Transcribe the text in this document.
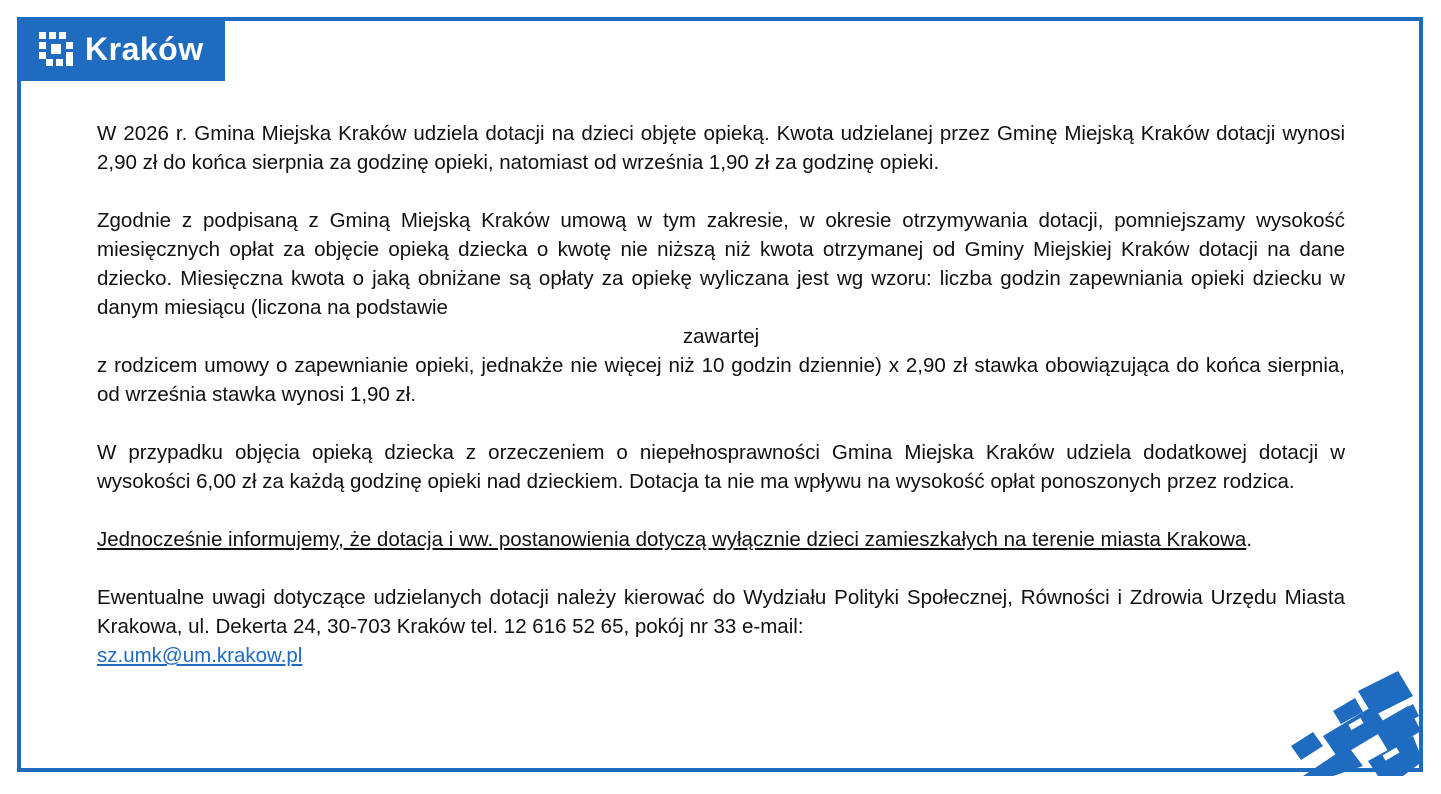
Kraków

W 2026 r. Gmina Miejska Kraków udziela dotacji na dzieci objęte opieką. Kwota udzielanej przez Gminę Miejską Kraków dotacji wynosi 2,90 zł do końca sierpnia za godzinę opieki, natomiast od września 1,90 zł za godzinę opieki.

Zgodnie z podpisaną z Gminą Miejską Kraków umową w tym zakresie, w okresie otrzymywania dotacji, pomniejszamy wysokość miesięcznych opłat za objęcie opieką dziecka o kwotę nie niższą niż kwota otrzymanej od Gminy Miejskiej Kraków dotacji na dane dziecko. Miesięczna kwota o jaką obniżane są opłaty za opiekę wyliczana jest wg wzoru: liczba godzin zapewniania opieki dziecku w danym miesiącu (liczona na podstawie
zawartej
z rodzicem umowy o zapewnianie opieki, jednakże nie więcej niż 10 godzin dziennie) x 2,90 zł stawka obowiązująca do końca sierpnia, od września stawka wynosi 1,90 zł.

W przypadku objęcia opieką dziecka z orzeczeniem o niepełnosprawności Gmina Miejska Kraków udziela dodatkowej dotacji w wysokości 6,00 zł za każdą godzinę opieki nad dzieckiem. Dotacja ta nie ma wpływu na wysokość opłat ponoszonych przez rodzica.

Jednocześnie informujemy, że dotacja i ww. postanowienia dotyczą wyłącznie dzieci zamieszkałych na terenie miasta Krakowa.

Ewentualne uwagi dotyczące udzielanych dotacji należy kierować do Wydziału Polityki Społecznej, Równości i Zdrowia Urzędu Miasta Krakowa, ul. Dekerta 24, 30-703 Kraków tel. 12 616 52 65, pokój nr 33 e-mail:
sz.umk@um.krakow.pl
